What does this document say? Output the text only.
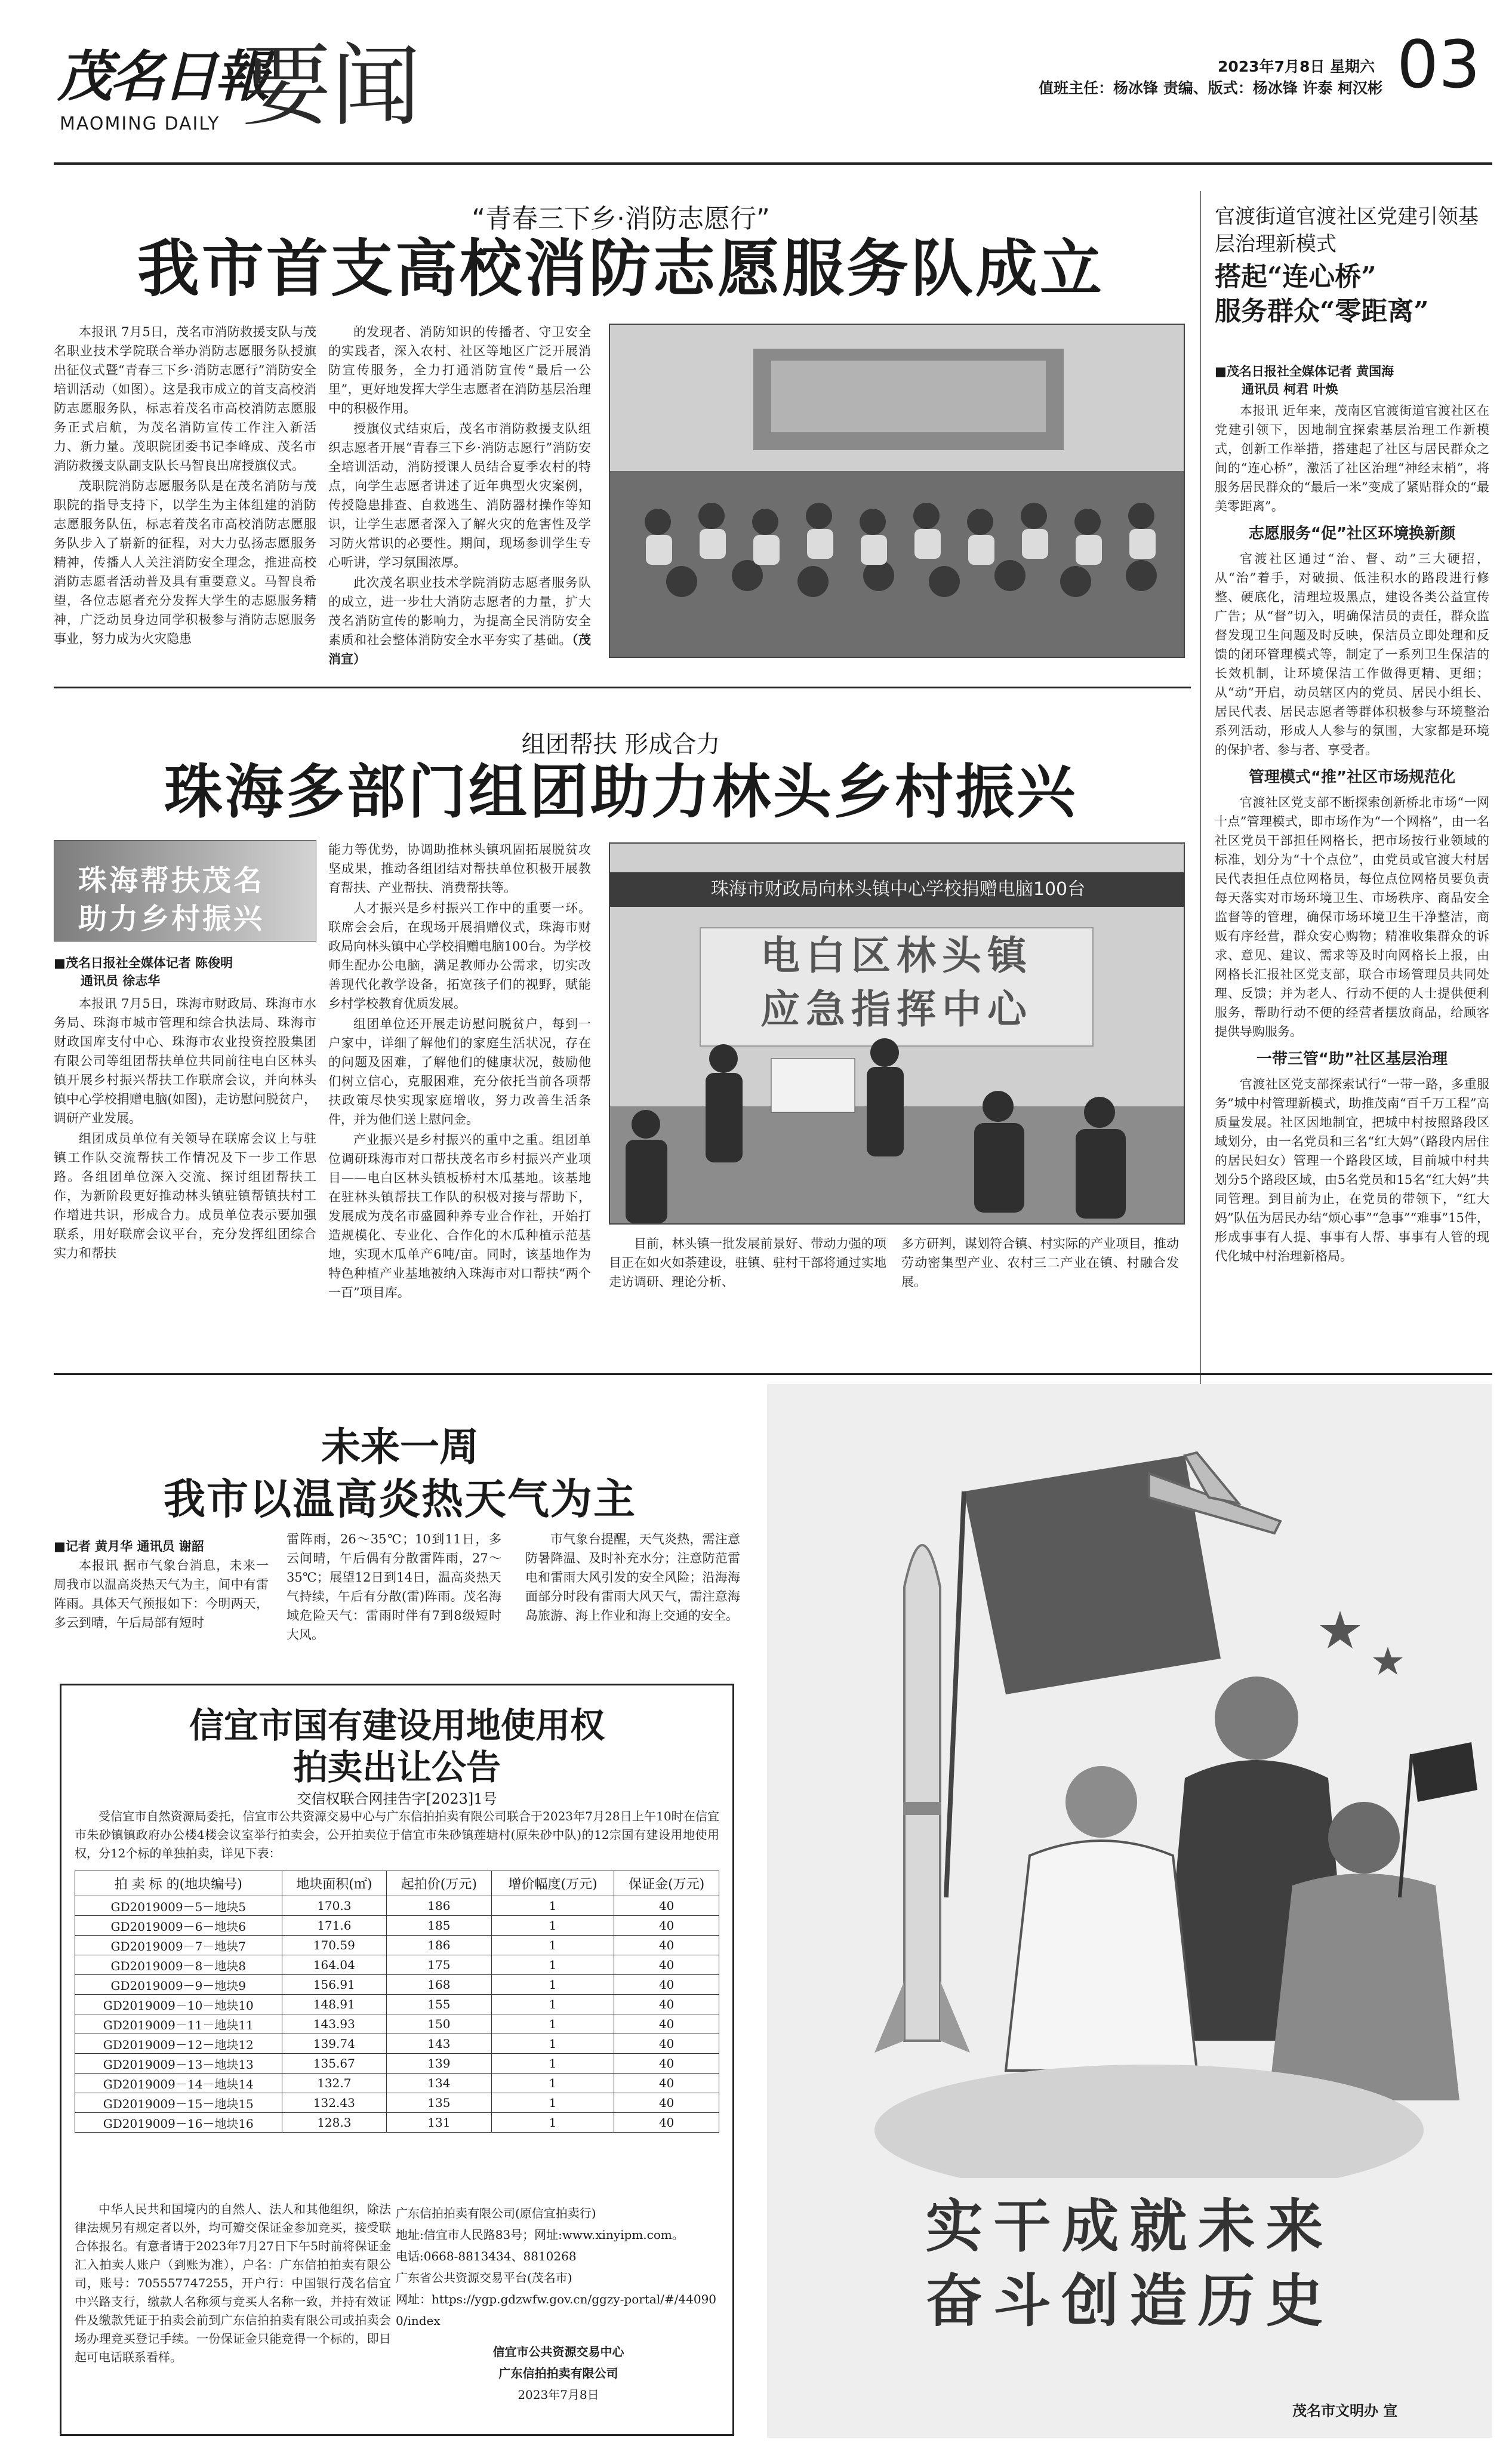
茂名日報
MAOMING DAILY 要闻	2023年7月8日 星期六
值班主任：杨冰锋 责编、版式：杨冰锋 许泰 柯汉彬 03
“青春三下乡·消防志愿行”
我市首支高校消防志愿服务队成立

本报讯 7月5日，茂名市消防救援支队与茂名职业技术学院联合举办消防志愿服务队授旗出征仪式暨“青春三下乡·消防志愿行”消防安全培训活动（如图）。这是我市成立的首支高校消防志愿服务队，标志着茂名市高校消防志愿服务正式启航，为茂名消防宣传工作注入新活力、新力量。茂职院团委书记李峰成、茂名市消防救援支队副支队长马智良出席授旗仪式。

茂职院消防志愿服务队是在茂名消防与茂职院的指导支持下，以学生为主体组建的消防志愿服务队伍，标志着茂名市高校消防志愿服务队步入了崭新的征程，对大力弘扬志愿服务精神，传播人人关注消防安全理念，推进高校消防志愿者活动普及具有重要意义。马智良希望，各位志愿者充分发挥大学生的志愿服务精神，广泛动员身边同学积极参与消防志愿服务事业，努力成为火灾隐患

的发现者、消防知识的传播者、守卫安全的实践者，深入农村、社区等地区广泛开展消防宣传服务，全力打通消防宣传“最后一公里”，更好地发挥大学生志愿者在消防基层治理中的积极作用。

授旗仪式结束后，茂名市消防救援支队组织志愿者开展“青春三下乡·消防志愿行”消防安全培训活动，消防授课人员结合夏季农村的特点，向学生志愿者讲述了近年典型火灾案例，传授隐患排查、自救逃生、消防器材操作等知识，让学生志愿者深入了解火灾的危害性及学习防火常识的必要性。期间，现场参训学生专心听讲，学习氛围浓厚。

此次茂名职业技术学院消防志愿者服务队的成立，进一步壮大消防志愿者的力量，扩大茂名消防宣传的影响力，为提高全民消防安全素质和社会整体消防安全水平夯实了基础。（茂消宣）

官渡街道官渡社区党建引领基层治理新模式
搭起“连心桥”
服务群众“零距离”
■茂名日报社全媒体记者 黄国海
通讯员 柯君 叶焕

本报讯 近年来，茂南区官渡街道官渡社区在党建引领下，因地制宜探索基层治理工作新模式，创新工作举措，搭建起了社区与居民群众之间的“连心桥”，激活了社区治理“神经末梢”，将服务居民群众的“最后一米”变成了紧贴群众的“最美零距离”。

志愿服务“促”社区环境换新颜

官渡社区通过“治、督、动”三大硬招，从“治”着手，对破损、低洼积水的路段进行修整、硬底化，清理垃圾黑点，建设各类公益宣传广告；从“督”切入，明确保洁员的责任，群众监督发现卫生问题及时反映，保洁员立即处理和反馈的闭环管理模式等，制定了一系列卫生保洁的长效机制，让环境保洁工作做得更精、更细；从“动”开启，动员辖区内的党员、居民小组长、居民代表、居民志愿者等群体积极参与环境整治系列活动，形成人人参与的氛围，大家都是环境的保护者、参与者、享受者。

管理模式“推”社区市场规范化

官渡社区党支部不断探索创新桥北市场“一网十点”管理模式，即市场作为“一个网格”，由一名社区党员干部担任网格长，把市场按行业领域的标准，划分为“十个点位”，由党员或官渡大村居民代表担任点位网格员，每位点位网格员要负责每天落实对市场环境卫生、市场秩序、商品安全监督等的管理，确保市场环境卫生干净整洁，商贩有序经营，群众安心购物；精准收集群众的诉求、意见、建议、需求等及时向网格长上报，由网格长汇报社区党支部，联合市场管理员共同处理、反馈；并为老人、行动不便的人士提供便利服务，帮助行动不便的经营者摆放商品，给顾客提供导购服务。

一带三管“助”社区基层治理

官渡社区党支部探索试行“一带一路，多重服务”城中村管理新模式，助推茂南“百千万工程”高质量发展。社区因地制宜，把城中村按照路段区域划分，由一名党员和三名“红大妈”（路段内居住的居民妇女）管理一个路段区域，目前城中村共划分5个路段区域，由5名党员和15名“红大妈”共同管理。到目前为止，在党员的带领下，“红大妈”队伍为居民办结“烦心事”“急事”“难事”15件，形成事事有人提、事事有人帮、事事有人管的现代化城中村治理新格局。

组团帮扶 形成合力
珠海多部门组团助力林头乡村振兴
珠海帮扶茂名
助力乡村振兴
■茂名日报社全媒体记者 陈俊明
通讯员 徐志华

本报讯 7月5日，珠海市财政局、珠海市水务局、珠海市城市管理和综合执法局、珠海市财政国库支付中心、珠海市农业投资控股集团有限公司等组团帮扶单位共同前往电白区林头镇开展乡村振兴帮扶工作联席会议，并向林头镇中心学校捐赠电脑(如图)，走访慰问脱贫户，调研产业发展。

组团成员单位有关领导在联席会议上与驻镇工作队交流帮扶工作情况及下一步工作思路。各组团单位深入交流、探讨组团帮扶工作，为新阶段更好推动林头镇驻镇帮镇扶村工作增进共识，形成合力。成员单位表示要加强联系，用好联席会议平台，充分发挥组团综合实力和帮扶

能力等优势，协调助推林头镇巩固拓展脱贫攻坚成果，推动各组团结对帮扶单位积极开展教育帮扶、产业帮扶、消费帮扶等。

人才振兴是乡村振兴工作中的重要一环。联席会会后，在现场开展捐赠仪式，珠海市财政局向林头镇中心学校捐赠电脑100台。为学校师生配办公电脑，满足教师办公需求，切实改善现代化教学设备，拓宽孩子们的视野，赋能乡村学校教育优质发展。

组团单位还开展走访慰问脱贫户，每到一户家中，详细了解他们的家庭生活状况，存在的问题及困难，了解他们的健康状况，鼓励他们树立信心，克服困难，充分依托当前各项帮扶政策尽快实现家庭增收，努力改善生活条件，并为他们送上慰问金。

产业振兴是乡村振兴的重中之重。组团单位调研珠海市对口帮扶茂名市乡村振兴产业项目——电白区林头镇板桥村木瓜基地。该基地在驻林头镇帮扶工作队的积极对接与帮助下，发展成为茂名市盛圆种养专业合作社，开始打造规模化、专业化、合作化的木瓜种植示范基地，实现木瓜单产6吨/亩。同时，该基地作为特色种植产业基地被纳入珠海市对口帮扶“两个一百”项目库。

珠海市财政局向林头镇中心学校捐赠电脑100台
电白区林头镇
应急指挥中心

目前，林头镇一批发展前景好、带动力强的项目正在如火如荼建设，驻镇、驻村干部将通过实地走访调研、理论分析、

多方研判，谋划符合镇、村实际的产业项目，推动劳动密集型产业、农村三二产业在镇、村融合发展。

未来一周
我市以温高炎热天气为主
■记者 黄月华 通讯员 谢韶

本报讯 据市气象台消息，未来一周我市以温高炎热天气为主，间中有雷阵雨。具体天气预报如下：今明两天，多云到晴，午后局部有短时

雷阵雨，26～35℃；10到11日，多云间晴，午后偶有分散雷阵雨，27～35℃；展望12日到14日，温高炎热天气持续，午后有分散(雷)阵雨。茂名海域危险天气：雷雨时伴有7到8级短时大风。

市气象台提醒，天气炎热，需注意防暑降温、及时补充水分；注意防范雷电和雷雨大风引发的安全风险；沿海海面部分时段有雷雨大风天气，需注意海岛旅游、海上作业和海上交通的安全。

信宜市国有建设用地使用权
拍卖出让公告
交信权联合网挂告字[2023]1号

受信宜市自然资源局委托，信宜市公共资源交易中心与广东信拍拍卖有限公司联合于2023年7月28日上午10时在信宜市朱砂镇镇政府办公楼4楼会议室举行拍卖会，公开拍卖位于信宜市朱砂镇莲塘村(原朱砂中队)的12宗国有建设用地使用权，分12个标的单独拍卖，详见下表：

拍 卖 标 的(地块编号)	地块面积(㎡)	起拍价(万元)	增价幅度(万元)	保证金(万元)
GD2019009－5－地块5	170.3	186	1	40
GD2019009－6－地块6	171.6	185	1	40
GD2019009－7－地块7	170.59	186	1	40
GD2019009－8－地块8	164.04	175	1	40
GD2019009－9－地块9	156.91	168	1	40
GD2019009－10－地块10	148.91	155	1	40
GD2019009－11－地块11	143.93	150	1	40
GD2019009－12－地块12	139.74	143	1	40
GD2019009－13－地块13	135.67	139	1	40
GD2019009－14－地块14	132.7	134	1	40
GD2019009－15－地块15	132.43	135	1	40
GD2019009－16－地块16	128.3	131	1	40

中华人民共和国境内的自然人、法人和其他组织，除法律法规另有规定者以外，均可瓣交保证金参加竞买，接受联合体报名。有意者请于2023年7月27日下午5时前将保证金汇入拍卖人账户（到账为准），户名：广东信拍拍卖有限公司，账号：705557747255，开户行：中国银行茂名信宜中兴路支行，缴款人名称须与竞买人名称一致，并持有效证件及缴款凭证于拍卖会前到广东信拍拍卖有限公司或拍卖会场办理竞买登记手续。一份保证金只能竞得一个标的，即日起可电话联系看样。

广东信拍拍卖有限公司(原信宜拍卖行)
地址:信宜市人民路83号；网址:www.xinyipm.com。
电话:0668-8813434、8810268
广东省公共资源交易平台(茂名市)
网址：https://ygp.gdzwfw.gov.cn/ggzy-portal/#/440900/index
信宜市公共资源交易中心
广东信拍拍卖有限公司
2023年7月8日
实干成就未来
奋斗创造历史
茂名市文明办 宣
